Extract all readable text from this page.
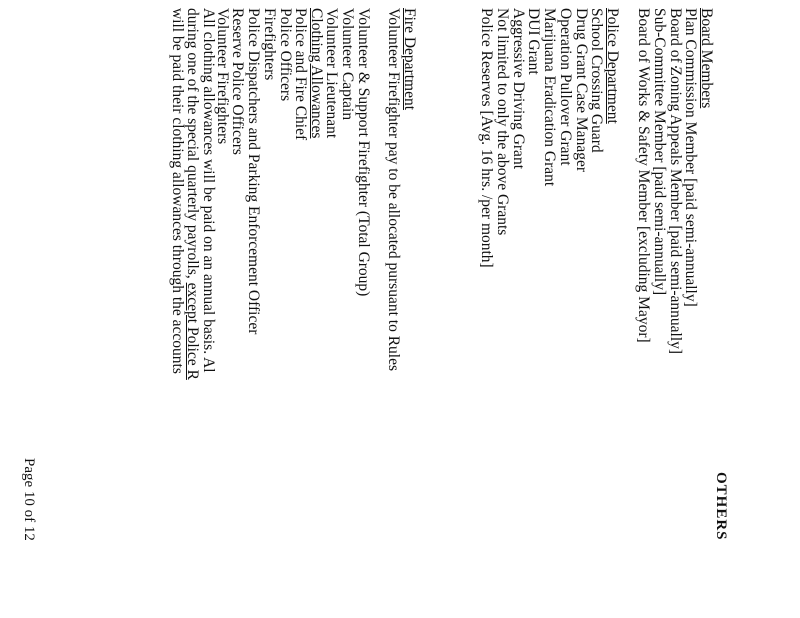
OTHERS
Board Members
Plan Commission Member [paid semi-annually]
Board of Zoning Appeals Member [paid semi-annually]
Sub-Committee Member [paid semi-annually]
Board of Works & Safety Member [excluding Mayor]
Police Department
School Crossing Guard
Drug Grant Case Manager
Operation Pullover Grant
Marijuana Eradication Grant
DUI Grant
Aggressive Driving Grant
Not limited to only the above Grants
Police Reserves [Avg. 16 hrs. /per month]
Fire Department
Volunteer Firefighter pay to be allocated pursuant to Rules
Volunteer & Support Firefighter (Total Group)
Volunteer Captain
Volunteer Lieutenant
Clothing Allowances
Police and Fire Chief
Police Officers
Firefighters
Police Dispatchers and Parking Enforcement Officer
Reserve Police Officers
Volunteer Firefighters
All clothing allowances will be paid on an annual basis. Al
during one of the special quarterly payrolls, except Police R
will be paid their clothing allowances through the accounts
Page 10 of 12
